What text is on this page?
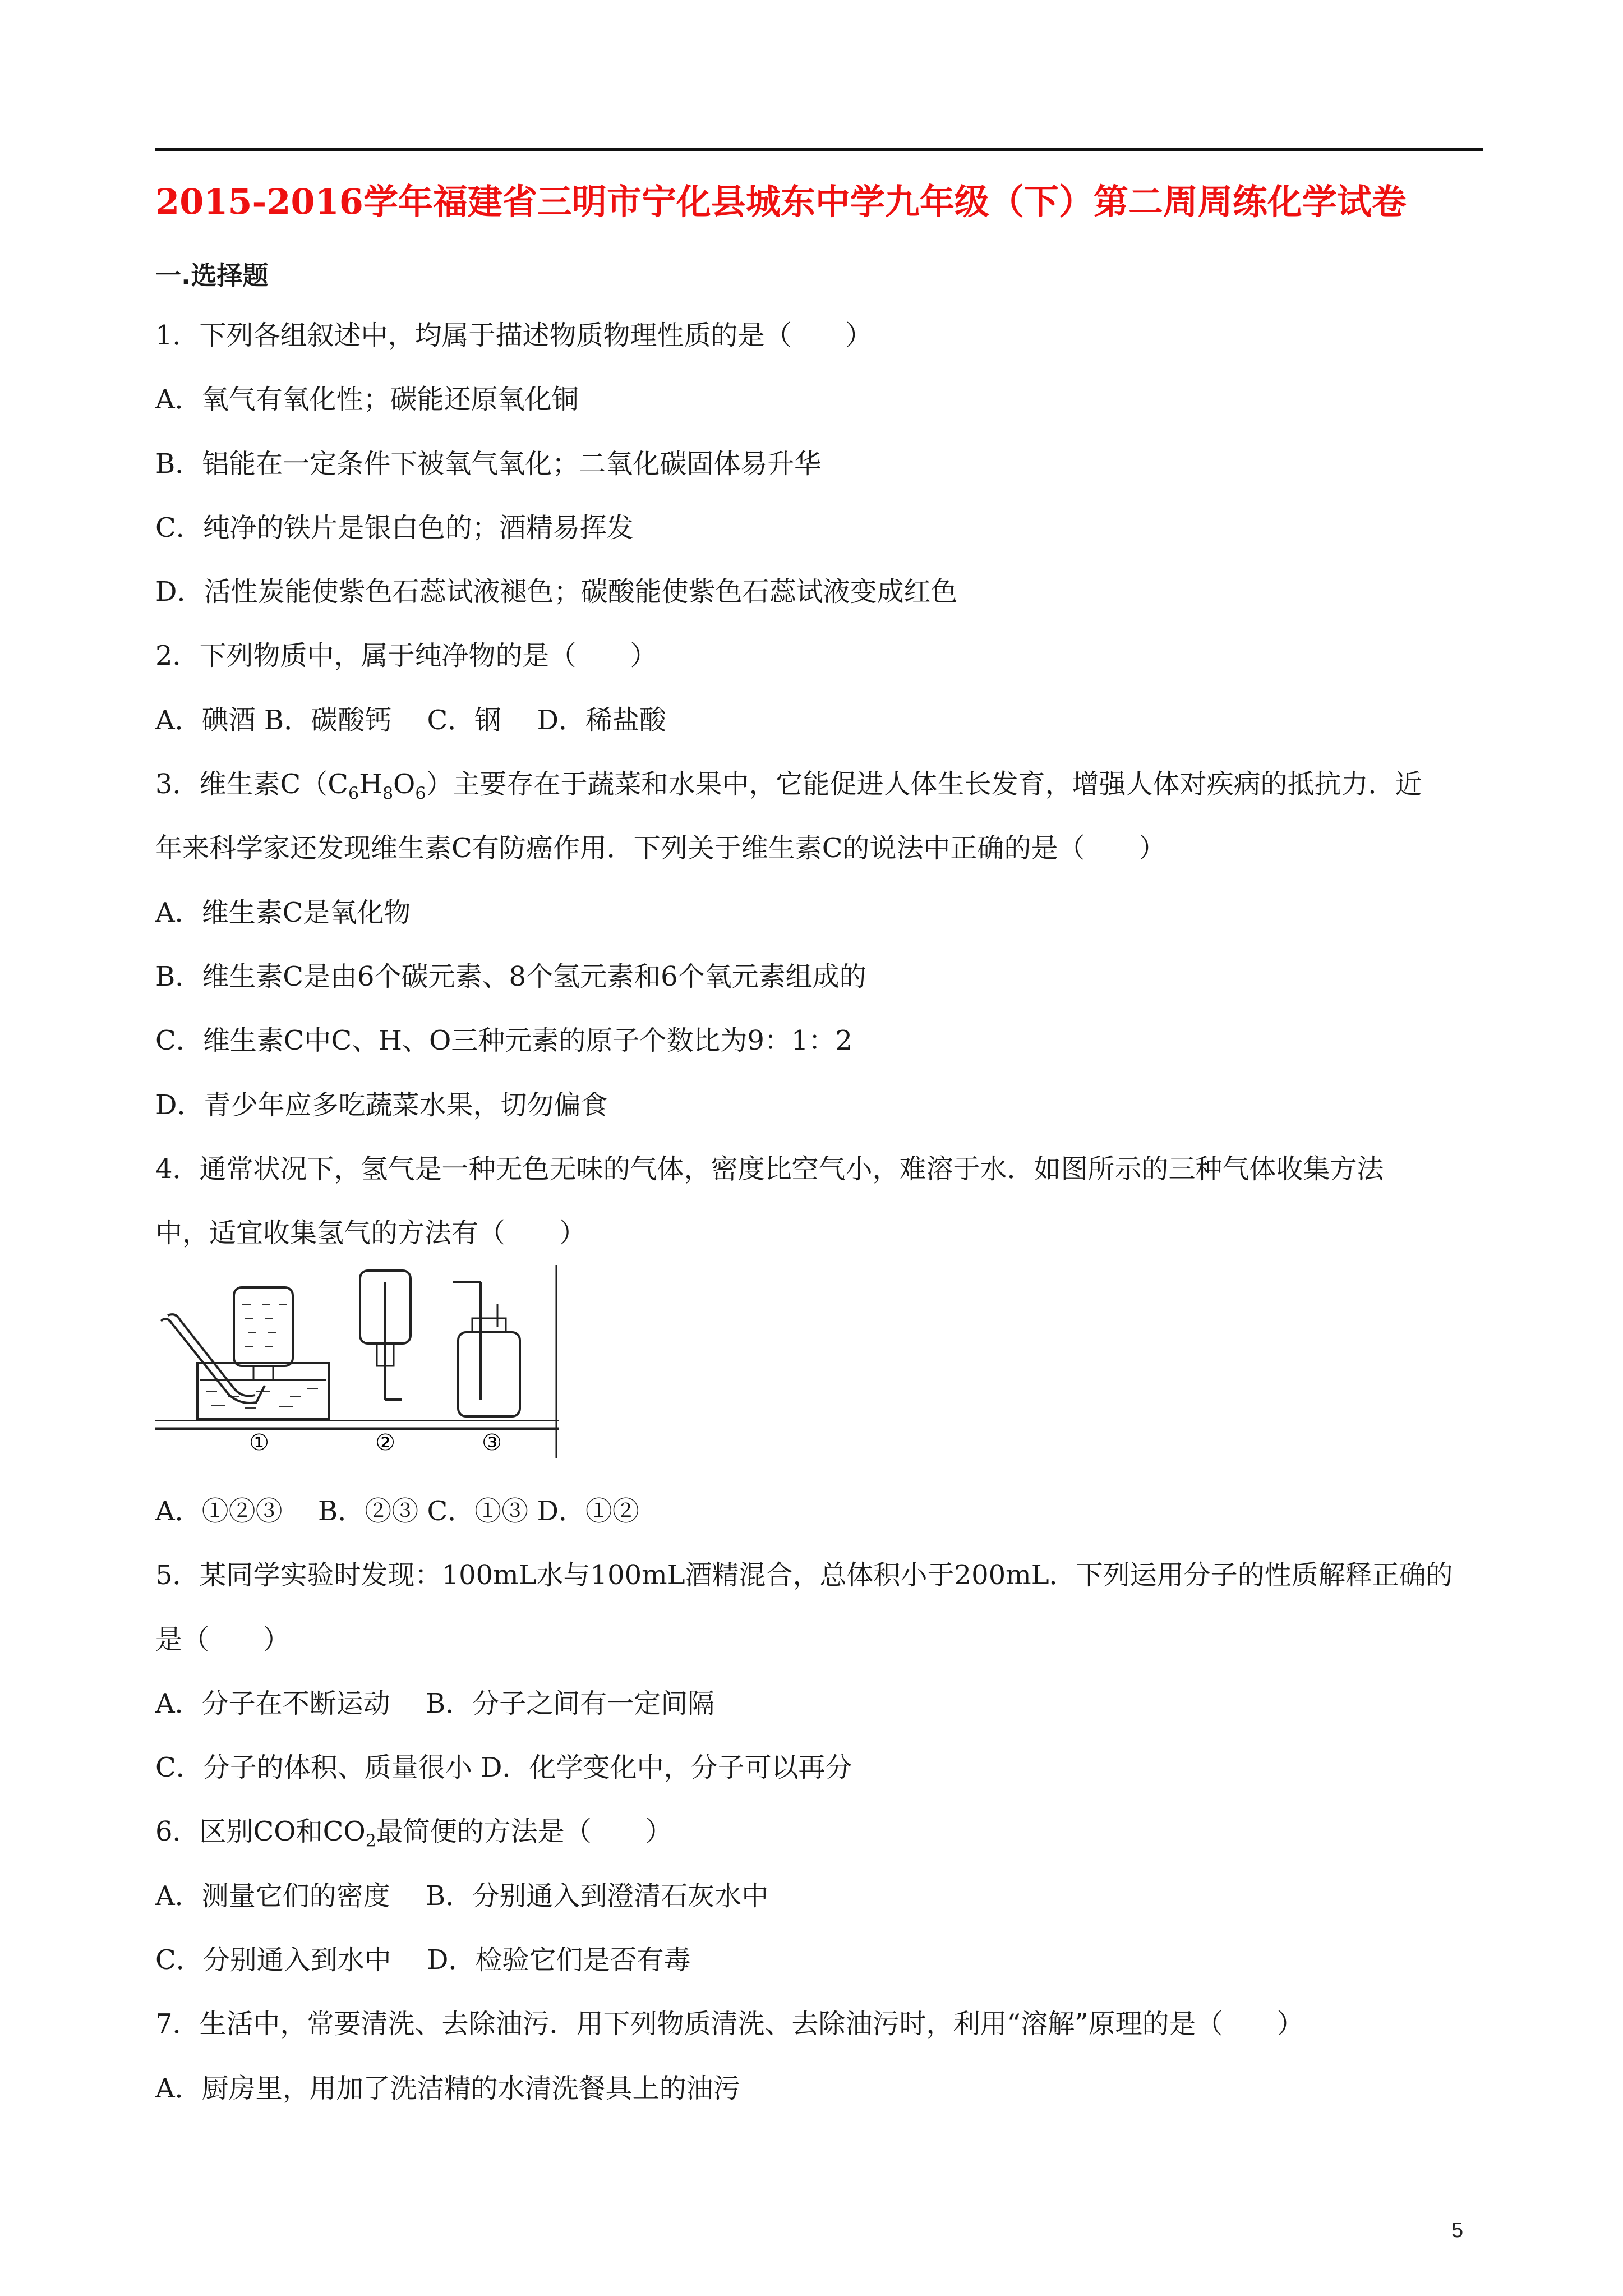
2015-2016学年福建省三明市宁化县城东中学九年级（下）第二周周练化学试卷
一.选择题
1．下列各组叙述中，均属于描述物质物理性质的是（　　）
A．氧气有氧化性；碳能还原氧化铜
B．铝能在一定条件下被氧气氧化；二氧化碳固体易升华
C．纯净的铁片是银白色的；酒精易挥发
D．活性炭能使紫色石蕊试液褪色；碳酸能使紫色石蕊试液变成红色
2．下列物质中，属于纯净物的是（　　）
A．碘酒 B．碳酸钙　 C．钢　 D．稀盐酸
3．维生素$C(C_6H_8O_6)$主要存在于蔬菜和水果中，它能促进人体生长发育，增强人体对疾病的抵抗力．近
年来科学家还发现维生素C有防癌作用．下列关于维生素C的说法中正确的是（　　）
A．维生素C是氧化物
B．维生素C是由6个碳元素、8个氢元素和6个氧元素组成的
C．维生素C中C、H、O三种元素的原子个数比为9：1：2
D．青少年应多吃蔬菜水果，切勿偏食
4．通常状况下，氢气是一种无色无味的气体，密度比空气小，难溶于水．如图所示的三种气体收集方法
中，适宜收集氢气的方法有（　　）
①	②	③
A．①②③　 B．②③ C．①③ D．①②
5．某同学实验时发现：100mL水与100mL酒精混合，总体积小于200mL．下列运用分子的性质解释正确的
是（　　）
A．分子在不断运动　 B．分子之间有一定间隔
C．分子的体积、质量很小 D．化学变化中，分子可以再分
6．区别CO和$CO_2$最简便的方法是（　　）
A．测量它们的密度　 B．分别通入到澄清石灰水中
C．分别通入到水中　 D．检验它们是否有毒
7．生活中，常要清洗、去除油污．用下列物质清洗、去除油污时，利用“溶解”原理的是（　　）
A．厨房里，用加了洗洁精的水清洗餐具上的油污
5
